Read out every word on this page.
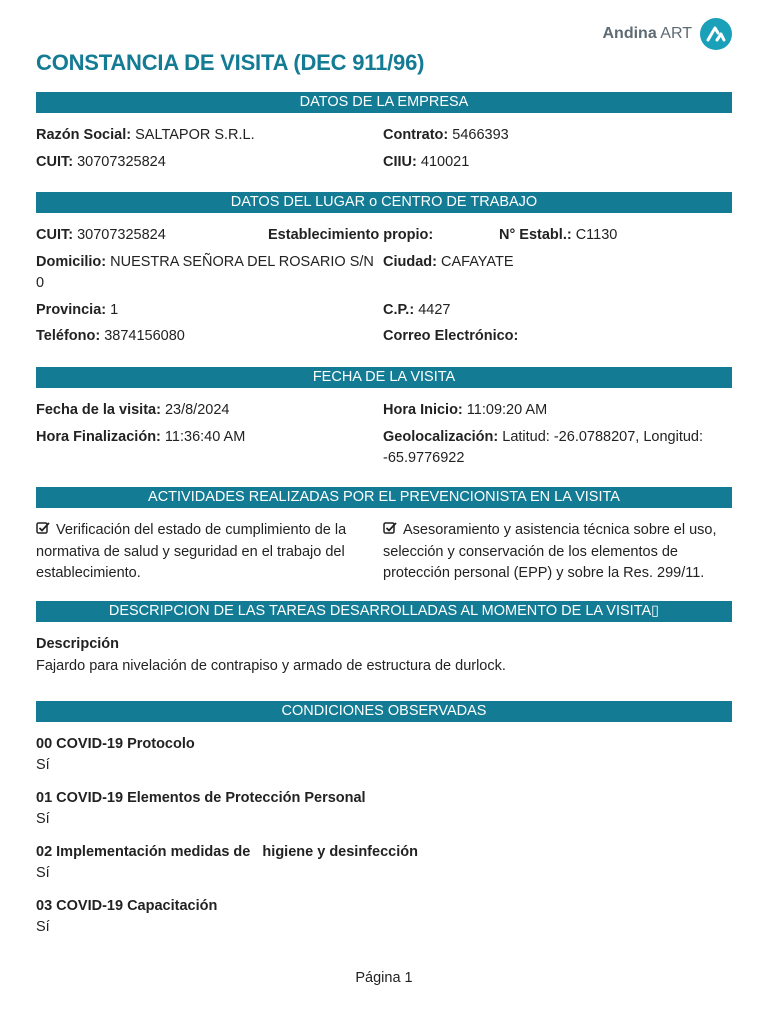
Andina ART
CONSTANCIA DE VISITA (DEC 911/96)
DATOS DE LA EMPRESA
Razón Social: SALTAPOR S.R.L.	Contrato: 5466393
CUIT: 30707325824	CIIU: 410021
DATOS DEL LUGAR o CENTRO DE TRABAJO
CUIT: 30707325824	Establecimiento propio:	N° Establ.: C1130
Domicilio: NUESTRA SEÑORA DEL ROSARIO S/N 0
Ciudad: CAFAYATE
Provincia: 1	C.P.: 4427
Teléfono: 3874156080	Correo Electrónico:
FECHA DE LA VISITA
Fecha de la visita: 23/8/2024	Hora Inicio: 11:09:20 AM
Hora Finalización: 11:36:40 AM	Geolocalización: Latitud: -26.0788207, Longitud: -65.9776922
ACTIVIDADES REALIZADAS POR EL PREVENCIONISTA EN LA VISITA
Verificación del estado de cumplimiento de la normativa de salud y seguridad en el trabajo del establecimiento.
Asesoramiento y asistencia técnica sobre el uso, selección y conservación de los elementos de protección personal (EPP) y sobre la Res. 299/11.
DESCRIPCION DE LAS TAREAS DESARROLLADAS AL MOMENTO DE LA VISITA▯
Descripción
Fajardo para nivelación de contrapiso y armado de estructura de durlock.
CONDICIONES OBSERVADAS
00 COVID-19 Protocolo
Sí
01 COVID-19 Elementos de Protección Personal
Sí
02 Implementación medidas de   higiene y desinfección
Sí
03 COVID-19 Capacitación
Sí
Página 1
